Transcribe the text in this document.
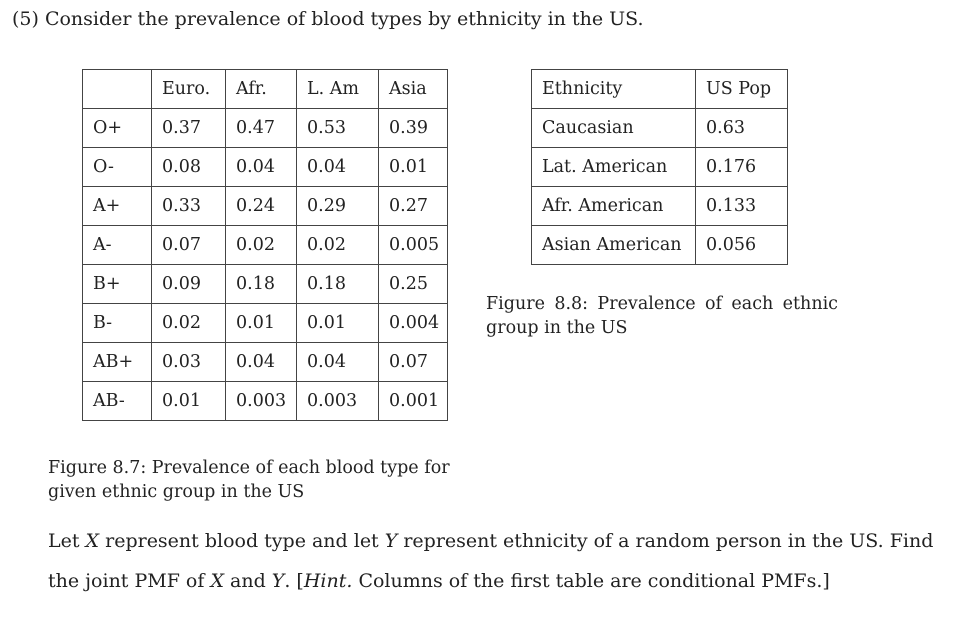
(5) Consider the prevalence of blood types by ethnicity in the US.
	Euro.	Afr.	L. Am	Asia
O+	0.37	0.47	0.53	0.39
O-	0.08	0.04	0.04	0.01
A+	0.33	0.24	0.29	0.27
A-	0.07	0.02	0.02	0.005
B+	0.09	0.18	0.18	0.25
B-	0.02	0.01	0.01	0.004
AB+	0.03	0.04	0.04	0.07
AB-	0.01	0.003	0.003	0.001
Ethnicity	US Pop
Caucasian	0.63
Lat. American	0.176
Afr. American	0.133
Asian American	0.056
Figure 8.7: Prevalence of each blood type for given ethnic group in the US
Figure 8.8: Prevalence of each ethnic group in the US
Let X represent blood type and let Y represent ethnicity of a random person in the US. Find
the joint PMF of X and Y. [Hint. Columns of the first table are conditional PMFs.]
